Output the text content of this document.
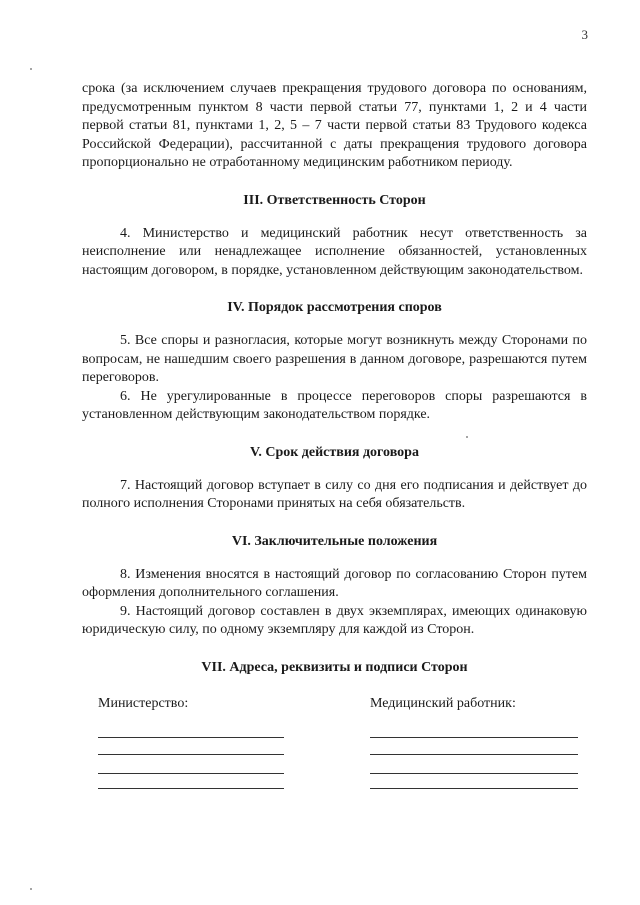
3

срока (за исключением случаев прекращения трудового договора по основаниям, предусмотренным пунктом 8 части первой статьи 77, пунктами 1, 2 и 4 части первой статьи 81, пунктами 1, 2, 5 – 7 части первой статьи 83 Трудового кодекса Российской Федерации), рассчитанной с даты прекращения трудового договора пропорционально не отработанному медицинским работником периоду.

III. Ответственность Сторон

4. Министерство и медицинский работник несут ответственность за неисполнение или ненадлежащее исполнение обязанностей, установленных настоящим договором, в порядке, установленном действующим законодательством.

IV. Порядок рассмотрения споров

5. Все споры и разногласия, которые могут возникнуть между Сторонами по вопросам, не нашедшим своего разрешения в данном договоре, разрешаются путем переговоров.

6. Не урегулированные в процессе переговоров споры разрешаются в установленном действующим законодательством порядке.

V. Срок действия договора

7. Настоящий договор вступает в силу со дня его подписания и действует до полного исполнения Сторонами принятых на себя обязательств.

VI. Заключительные положения

8. Изменения вносятся в настоящий договор по согласованию Сторон путем оформления дополнительного соглашения.

9. Настоящий договор составлен в двух экземплярах, имеющих одинаковую юридическую силу, по одному экземпляру для каждой из Сторон.

VII. Адреса, реквизиты и подписи Сторон
Министерство:	Медицинский работник:
